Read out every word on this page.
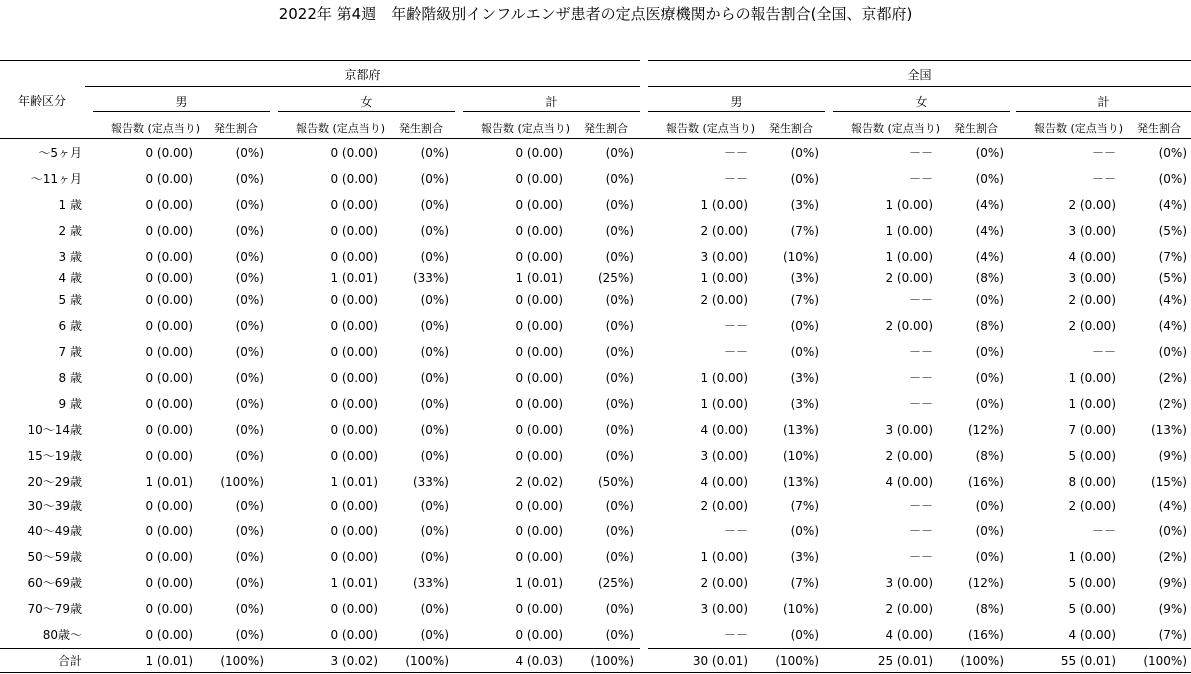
2022年 第4週　年齢階級別インフルエンザ患者の定点医療機関からの報告割合(全国、京都府)
京都府	全国
年齢区分	男
報告数 (定点当り) 発生割合
女
報告数 (定点当り) 発生割合
計
報告数 (定点当り) 発生割合
男
報告数 (定点当り) 発生割合
女
報告数 (定点当り) 発生割合
計
報告数 (定点当り) 発生割合
～5ヶ月	0 (0.00)	(0%)	0 (0.00)	(0%)	0 (0.00)	(0%)	－－	(0%)	－－	(0%)	－－	(0%)
～11ヶ月	0 (0.00)	(0%)	0 (0.00)	(0%)	0 (0.00)	(0%)	－－	(0%)	－－	(0%)	－－	(0%)
1 歳	0 (0.00)	(0%)	0 (0.00)	(0%)	0 (0.00)	(0%)	1 (0.00)	(3%)	1 (0.00)	(4%)	2 (0.00)	(4%)
2 歳	0 (0.00)	(0%)	0 (0.00)	(0%)	0 (0.00)	(0%)	2 (0.00)	(7%)	1 (0.00)	(4%)	3 (0.00)	(5%)
3 歳	0 (0.00)	(0%)	0 (0.00)	(0%)	0 (0.00)	(0%)	3 (0.00)	(10%)	1 (0.00)	(4%)	4 (0.00)	(7%)
4 歳	0 (0.00)	(0%)	1 (0.01)	(33%)	1 (0.01)	(25%)	1 (0.00)	(3%)	2 (0.00)	(8%)	3 (0.00)	(5%)
5 歳	0 (0.00)	(0%)	0 (0.00)	(0%)	0 (0.00)	(0%)	2 (0.00)	(7%)	－－	(0%)	2 (0.00)	(4%)
6 歳	0 (0.00)	(0%)	0 (0.00)	(0%)	0 (0.00)	(0%)	－－	(0%)	2 (0.00)	(8%)	2 (0.00)	(4%)
7 歳	0 (0.00)	(0%)	0 (0.00)	(0%)	0 (0.00)	(0%)	－－	(0%)	－－	(0%)	－－	(0%)
8 歳	0 (0.00)	(0%)	0 (0.00)	(0%)	0 (0.00)	(0%)	1 (0.00)	(3%)	－－	(0%)	1 (0.00)	(2%)
9 歳	0 (0.00)	(0%)	0 (0.00)	(0%)	0 (0.00)	(0%)	1 (0.00)	(3%)	－－	(0%)	1 (0.00)	(2%)
10～14歳	0 (0.00)	(0%)	0 (0.00)	(0%)	0 (0.00)	(0%)	4 (0.00)	(13%)	3 (0.00)	(12%)	7 (0.00)	(13%)
15～19歳	0 (0.00)	(0%)	0 (0.00)	(0%)	0 (0.00)	(0%)	3 (0.00)	(10%)	2 (0.00)	(8%)	5 (0.00)	(9%)
20～29歳	1 (0.01)	(100%)	1 (0.01)	(33%)	2 (0.02)	(50%)	4 (0.00)	(13%)	4 (0.00)	(16%)	8 (0.00)	(15%)
30～39歳	0 (0.00)	(0%)	0 (0.00)	(0%)	0 (0.00)	(0%)	2 (0.00)	(7%)	－－	(0%)	2 (0.00)	(4%)
40～49歳	0 (0.00)	(0%)	0 (0.00)	(0%)	0 (0.00)	(0%)	－－	(0%)	－－	(0%)	－－	(0%)
50～59歳	0 (0.00)	(0%)	0 (0.00)	(0%)	0 (0.00)	(0%)	1 (0.00)	(3%)	－－	(0%)	1 (0.00)	(2%)
60～69歳	0 (0.00)	(0%)	1 (0.01)	(33%)	1 (0.01)	(25%)	2 (0.00)	(7%)	3 (0.00)	(12%)	5 (0.00)	(9%)
70～79歳	0 (0.00)	(0%)	0 (0.00)	(0%)	0 (0.00)	(0%)	3 (0.00)	(10%)	2 (0.00)	(8%)	5 (0.00)	(9%)
80歳～	0 (0.00)	(0%)	0 (0.00)	(0%)	0 (0.00)	(0%)	－－	(0%)	4 (0.00)	(16%)	4 (0.00)	(7%)
合計	1 (0.01)	(100%)	3 (0.02)	(100%)	4 (0.03)	(100%)	30 (0.01)	(100%)	25 (0.01)	(100%)	55 (0.01)	(100%)
